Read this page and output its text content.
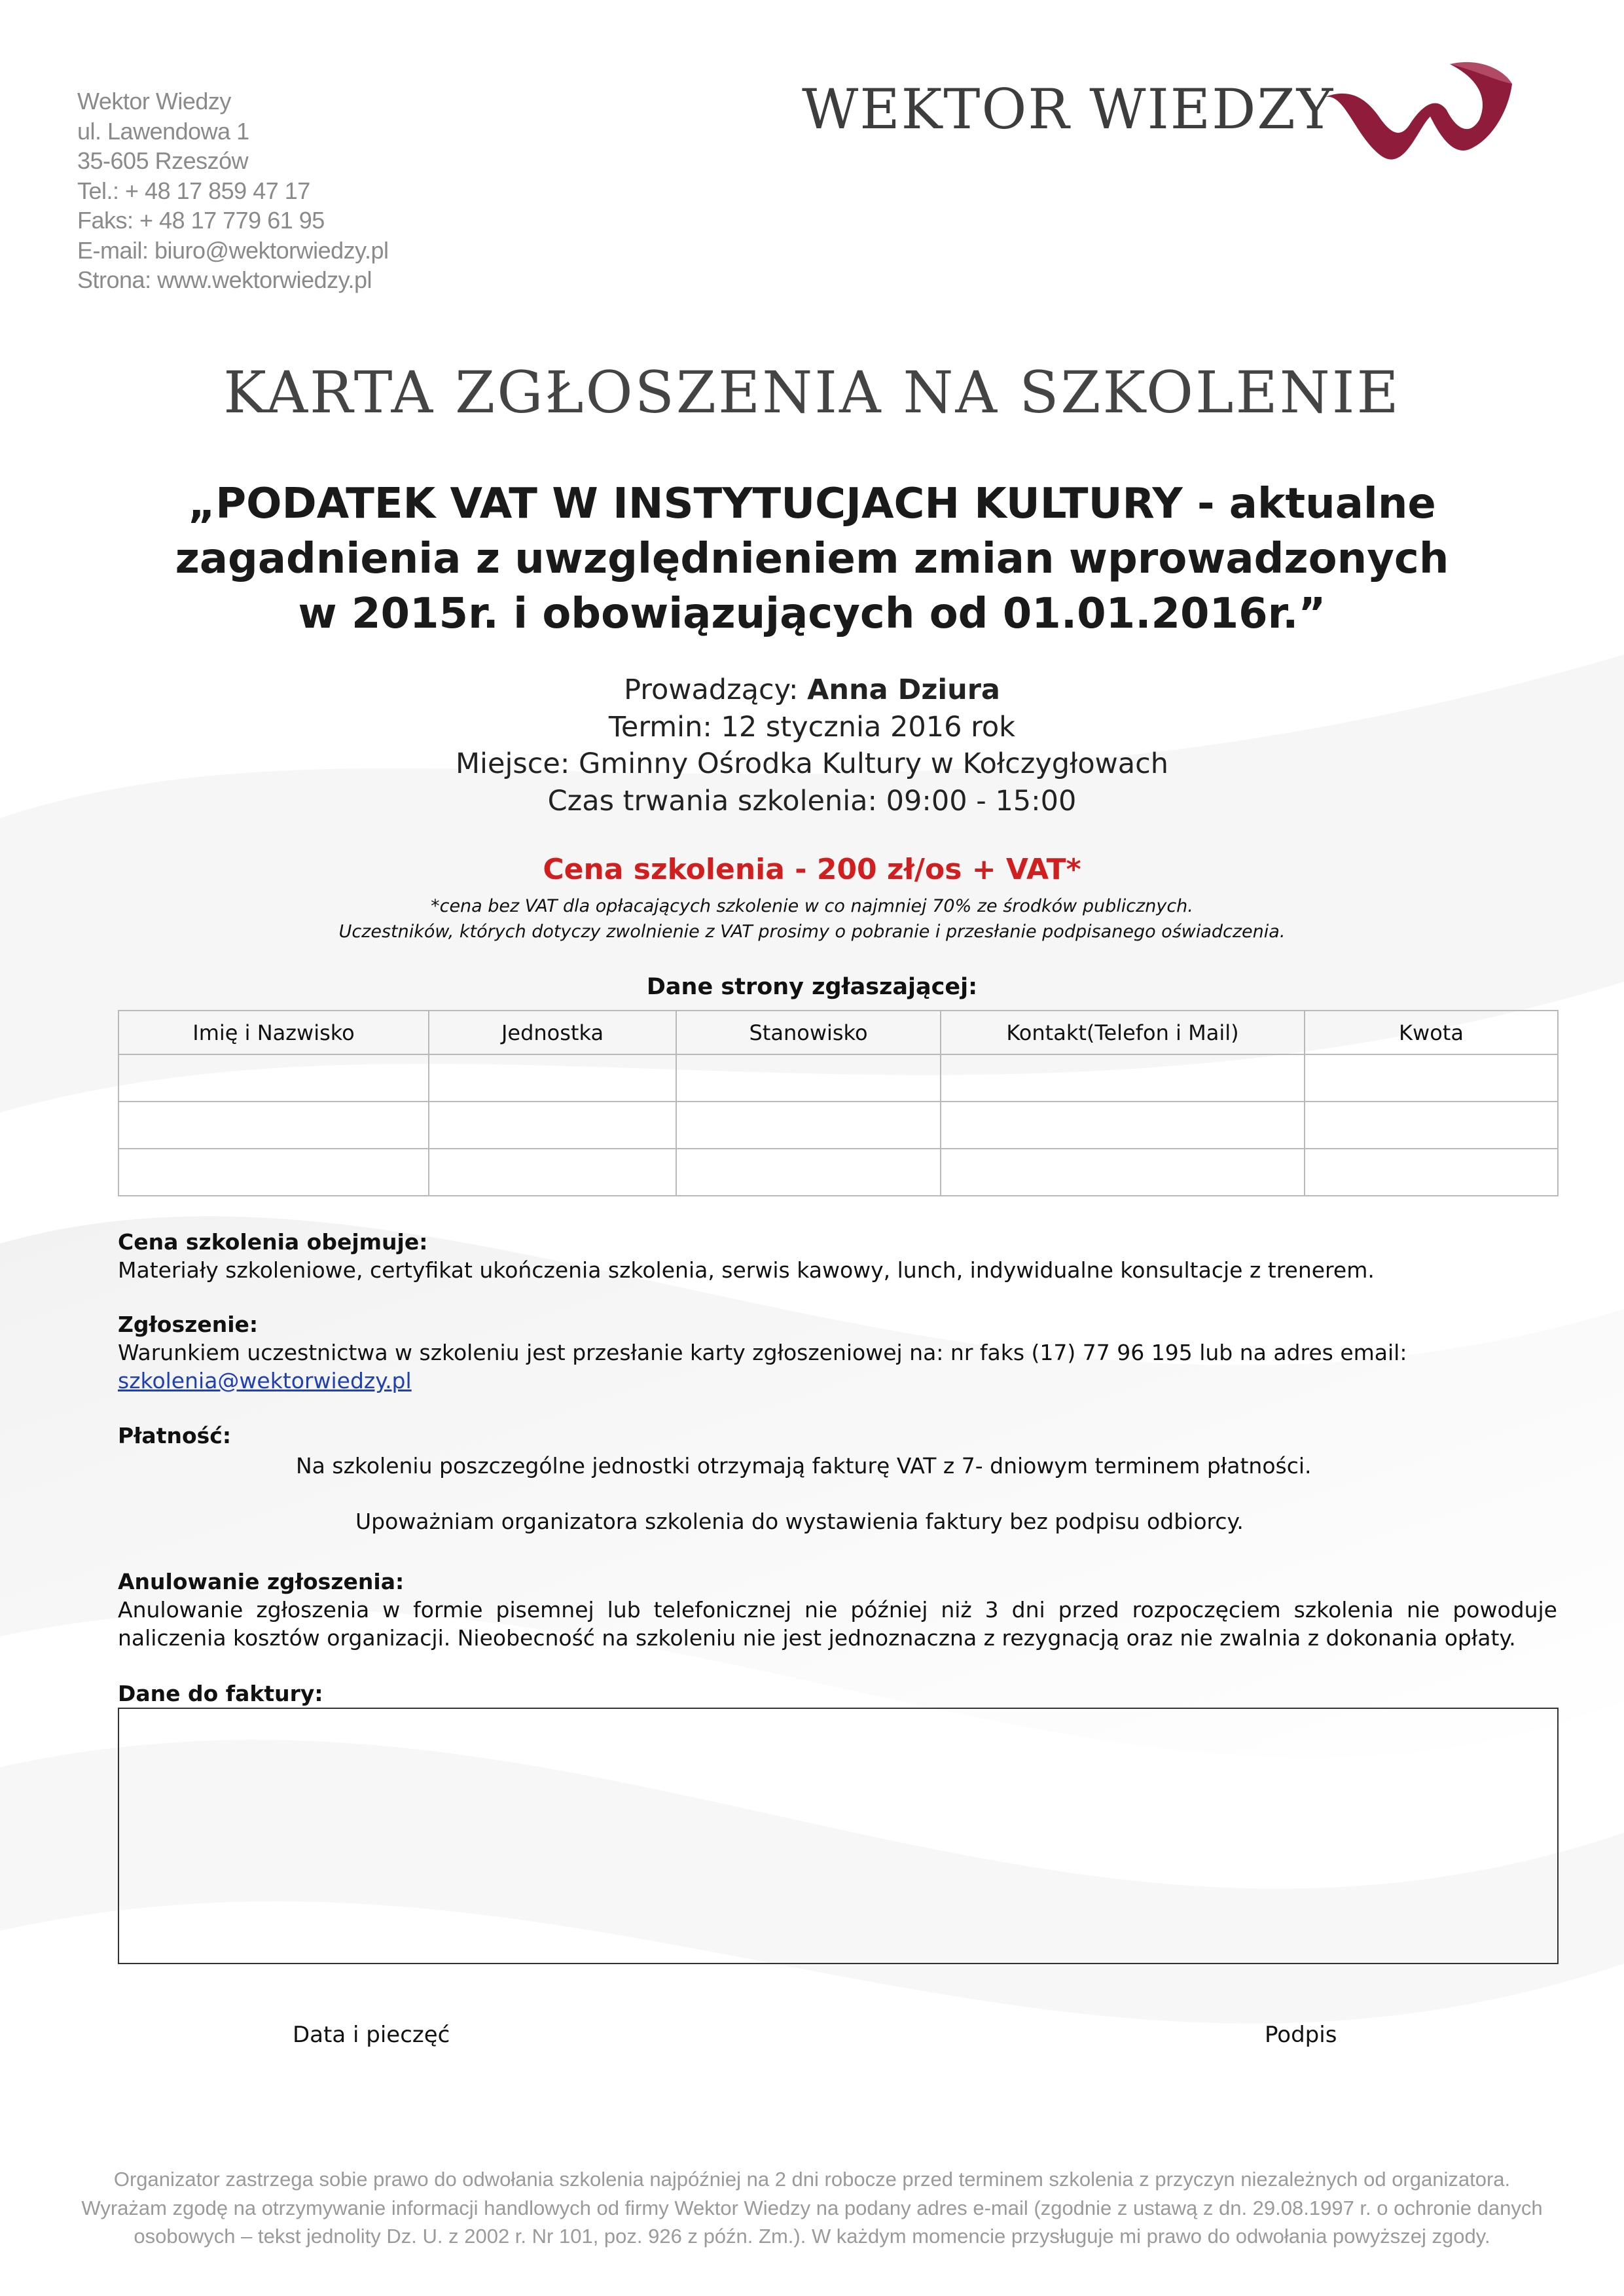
Wektor Wiedzy
ul. Lawendowa 1
35-605 Rzeszów
Tel.: + 48 17 859 47 17
Faks: + 48 17 779 61 95
E-mail: biuro@wektorwiedzy.pl
Strona: www.wektorwiedzy.pl
WEKTOR WIEDZY
KARTA ZGŁOSZENIA NA SZKOLENIE
„PODATEK VAT W INSTYTUCJACH KULTURY - aktualne
zagadnienia z uwzględnieniem zmian wprowadzonych
w 2015r. i obowiązujących od 01.01.2016r.”
Prowadzący: Anna Dziura
Termin: 12 stycznia 2016 rok
Miejsce: Gminny Ośrodka Kultury w Kołczygłowach
Czas trwania szkolenia: 09:00 - 15:00
Cena szkolenia - 200 zł/os + VAT*
*cena bez VAT dla opłacających szkolenie w co najmniej 70% ze środków publicznych.
Uczestników, których dotyczy zwolnienie z VAT prosimy o pobranie i przesłanie podpisanego oświadczenia.
Dane strony zgłaszającej:
Imię i Nazwisko	Jednostka	Stanowisko	Kontakt(Telefon i Mail)	Kwota

Cena szkolenia obejmuje:
Materiały szkoleniowe, certyfikat ukończenia szkolenia, serwis kawowy, lunch, indywidualne konsultacje z trenerem.
Zgłoszenie:
Warunkiem uczestnictwa w szkoleniu jest przesłanie karty zgłoszeniowej na: nr faks (17) 77 96 195 lub na adres email:
szkolenia@wektorwiedzy.pl
Płatność:
Na szkoleniu poszczególne jednostki otrzymają fakturę VAT z 7- dniowym terminem płatności.
Upoważniam organizatora szkolenia do wystawienia faktury bez podpisu odbiorcy.
Anulowanie zgłoszenia:
Anulowanie zgłoszenia w formie pisemnej lub telefonicznej nie później niż 3 dni przed rozpoczęciem szkolenia nie powoduje naliczenia kosztów organizacji. Nieobecność na szkoleniu nie jest jednoznaczna z rezygnacją oraz nie zwalnia z dokonania opłaty.
Dane do faktury:
Data i pieczęć	Podpis
Organizator zastrzega sobie prawo do odwołania szkolenia najpóźniej na 2 dni robocze przed terminem szkolenia z przyczyn niezależnych od organizatora.
Wyrażam zgodę na otrzymywanie informacji handlowych od firmy Wektor Wiedzy na podany adres e-mail (zgodnie z ustawą z dn. 29.08.1997 r. o ochronie danych
osobowych – tekst jednolity Dz. U. z 2002 r. Nr 101, poz. 926 z późn. Zm.). W każdym momencie przysługuje mi prawo do odwołania powyższej zgody.
